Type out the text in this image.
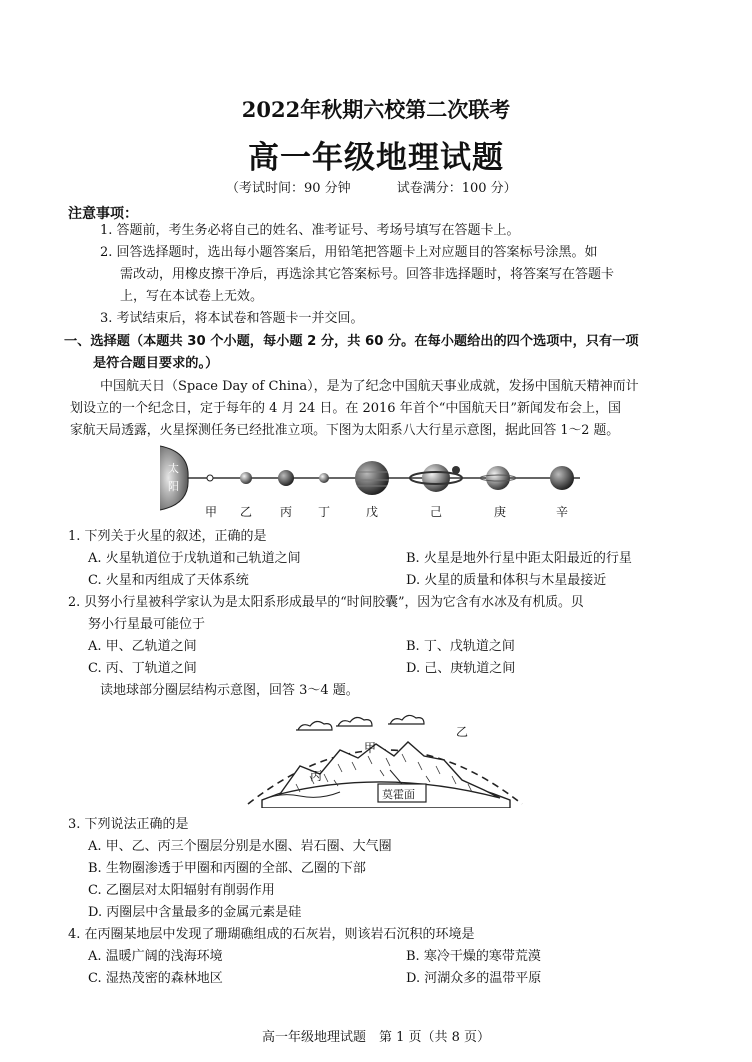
2022年秋期六校第二次联考
高一年级地理试题
（考试时间：90 分钟	试卷满分：100 分）
注意事项：
1. 答题前，考生务必将自己的姓名、准考证号、考场号填写在答题卡上。
2. 回答选择题时，选出每小题答案后，用铅笔把答题卡上对应题目的答案标号涂黑。如
需改动，用橡皮擦干净后，再选涂其它答案标号。回答非选择题时，将答案写在答题卡
上，写在本试卷上无效。
3. 考试结束后，将本试卷和答题卡一并交回。
一、选择题（本题共 30 个小题，每小题 2 分，共 60 分。在每小题给出的四个选项中，只有一项
是符合题目要求的。）
中国航天日（Space Day of China），是为了纪念中国航天事业成就，发扬中国航天精神而计
划设立的一个纪念日，定于每年的 4 月 24 日。在 2016 年首个“中国航天日”新闻发布会上，国
家航天局透露，火星探测任务已经批准立项。下图为太阳系八大行星示意图，据此回答 1～2 题。
太
阳
甲 乙 丙 丁	戊	己	庚	辛
1. 下列关于火星的叙述，正确的是
A. 火星轨道位于戊轨道和己轨道之间	B. 火星是地外行星中距太阳最近的行星
C. 火星和丙组成了天体系统	D. 火星的质量和体积与木星最接近
2. 贝努小行星被科学家认为是太阳系形成最早的“时间胶囊”，因为它含有水冰及有机质。贝
努小行星最可能位于
A. 甲、乙轨道之间	B. 丁、戊轨道之间
C. 丙、丁轨道之间	D. 己、庚轨道之间
读地球部分圈层结构示意图，回答 3～4 题。
甲
乙
丙
莫霍面
3. 下列说法正确的是
A. 甲、乙、丙三个圈层分别是水圈、岩石圈、大气圈
B. 生物圈渗透于甲圈和丙圈的全部、乙圈的下部
C. 乙圈层对太阳辐射有削弱作用
D. 丙圈层中含量最多的金属元素是硅
4. 在丙圈某地层中发现了珊瑚礁组成的石灰岩，则该岩石沉积的环境是
A. 温暖广阔的浅海环境	B. 寒冷干燥的寒带荒漠
C. 湿热茂密的森林地区	D. 河湖众多的温带平原
高一年级地理试题　第 1 页（共 8 页）
